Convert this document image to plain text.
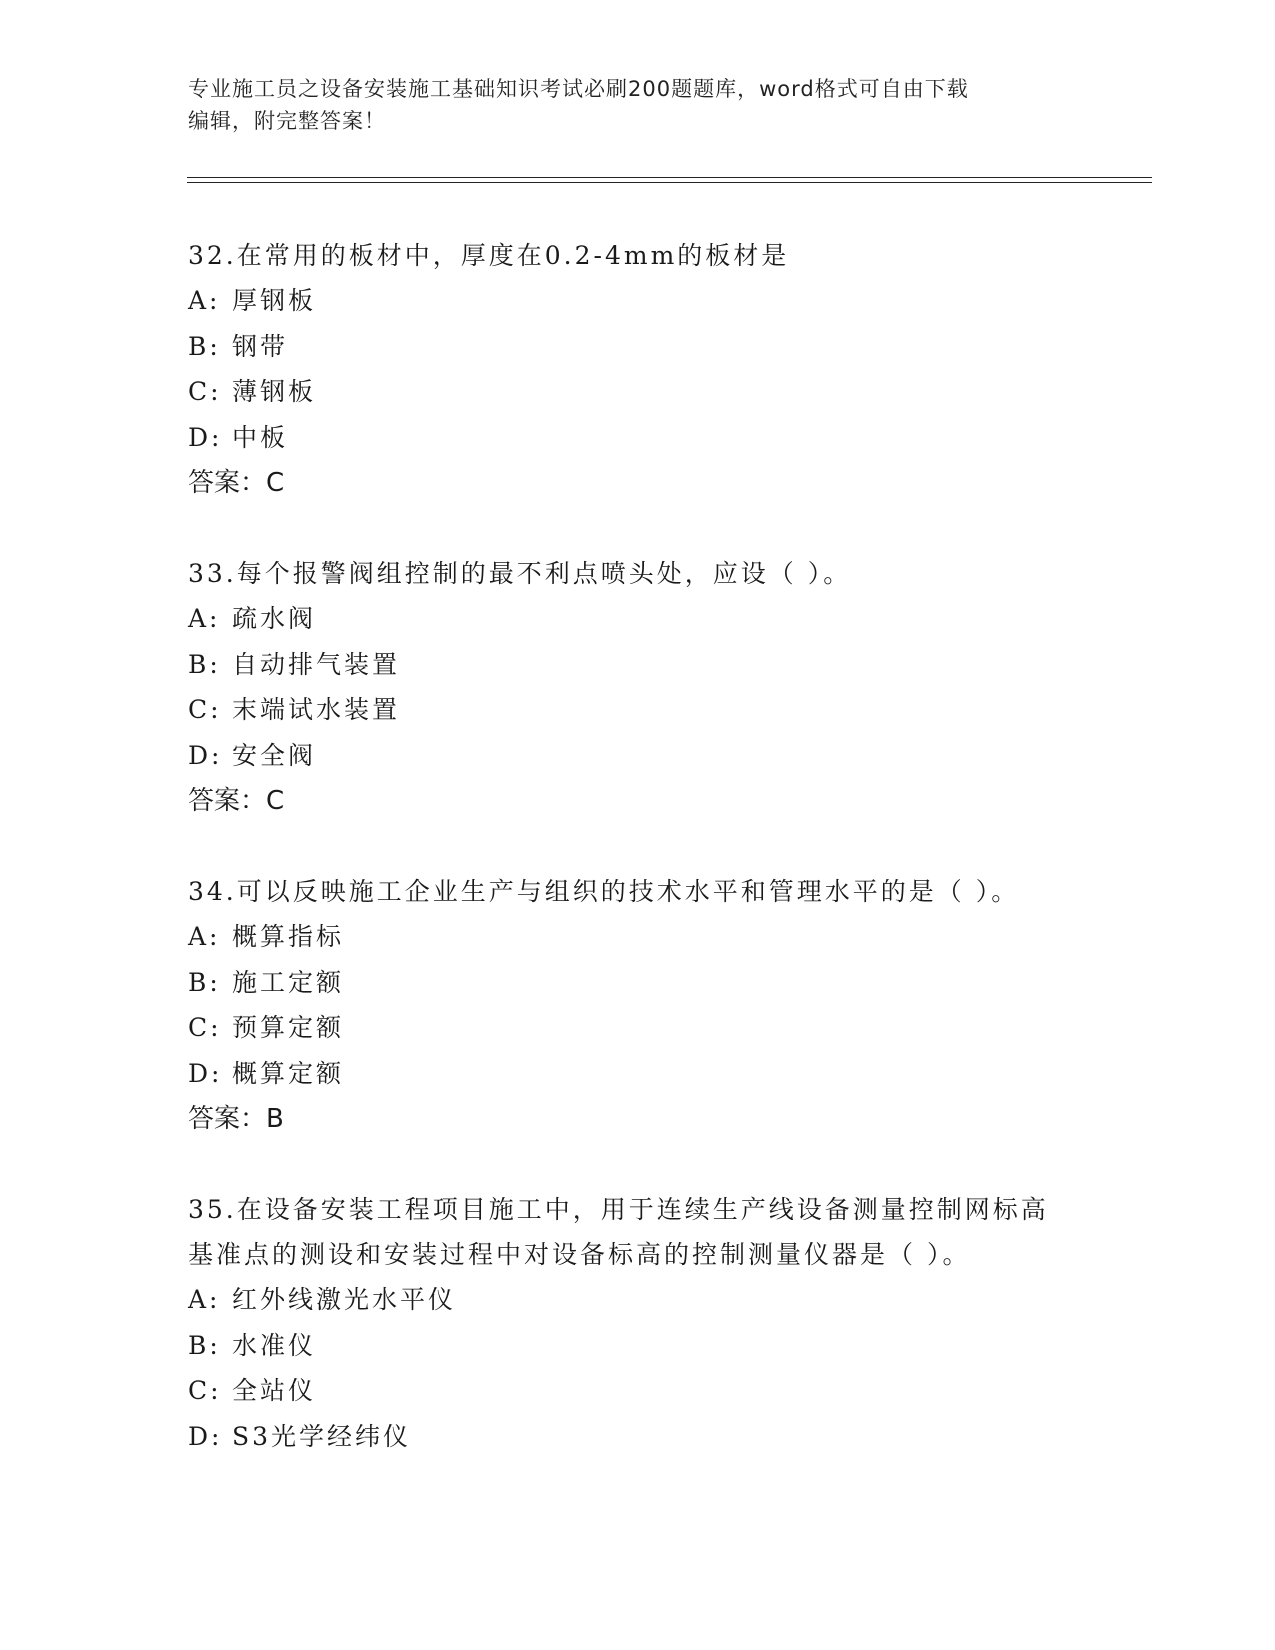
专业施工员之设备安装施工基础知识考试必刷200题题库，word格式可自由下载
编辑，附完整答案！

32.在常用的板材中，厚度在0.2-4mm的板材是

A: 厚钢板

B: 钢带

C: 薄钢板

D: 中板

答案：C

33.每个报警阀组控制的最不利点喷头处，应设（ ）。

A: 疏水阀

B: 自动排气装置

C: 末端试水装置

D: 安全阀

答案：C

34.可以反映施工企业生产与组织的技术水平和管理水平的是（ ）。

A: 概算指标

B: 施工定额

C: 预算定额

D: 概算定额

答案：B

35.在设备安装工程项目施工中，用于连续生产线设备测量控制网标高

基准点的测设和安装过程中对设备标高的控制测量仪器是（ ）。

A: 红外线激光水平仪

B: 水准仪

C: 全站仪

D: S3光学经纬仪
